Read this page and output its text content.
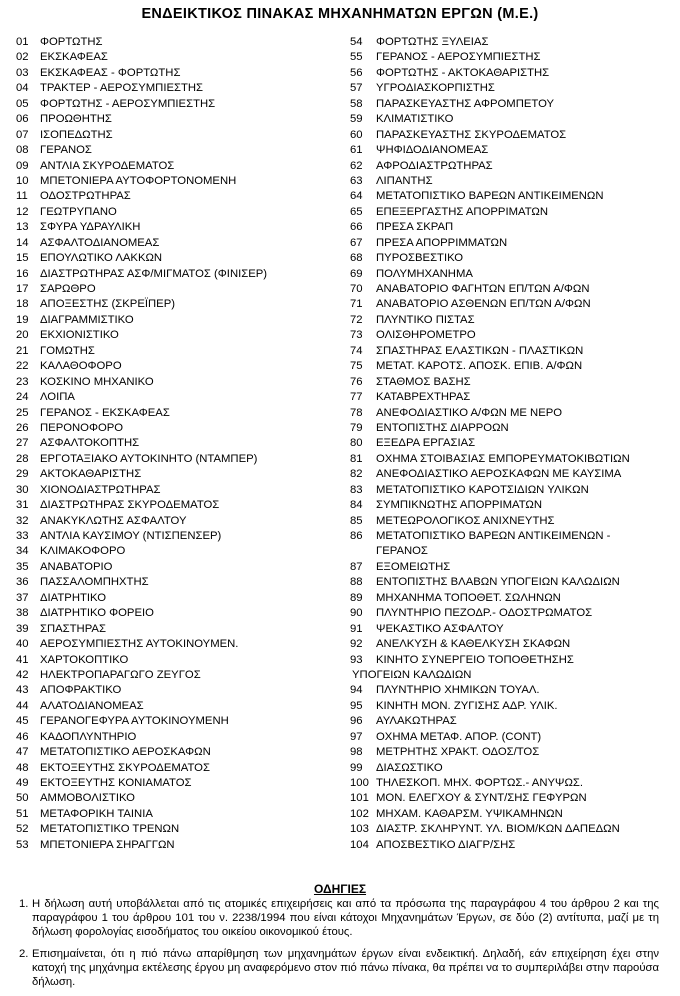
ΕΝΔΕΙΚΤΙΚΟΣ ΠΙΝΑΚΑΣ ΜΗΧΑΝΗΜΑΤΩΝ ΕΡΓΩΝ (Μ.Ε.)
01 ΦΟΡΤΩΤΗΣ
02 ΕΚΣΚΑΦΕΑΣ
03 ΕΚΣΚΑΦΕΑΣ - ΦΟΡΤΩΤΗΣ
04 ΤΡΑΚΤΕΡ - ΑΕΡΟΣΥΜΠΙΕΣΤΗΣ
05 ΦΟΡΤΩΤΗΣ - ΑΕΡΟΣΥΜΠΙΕΣΤΗΣ
06 ΠΡΟΩΘΗΤΗΣ
07 ΙΣΟΠΕΔΩΤΗΣ
08 ΓΕΡΑΝΟΣ
09 ΑΝΤΛΙΑ ΣΚΥΡΟΔΕΜΑΤΟΣ
10 ΜΠΕΤΟΝΙΕΡΑ ΑΥΤΟΦΟΡΤΟΝΟΜΕΝΗ
11 ΟΔΟΣΤΡΩΤΗΡΑΣ
12 ΓΕΩΤΡΥΠΑΝΟ
13 ΣΦΥΡΑ ΥΔΡΑΥΛΙΚΗ
14 ΑΣΦΑΛΤΟΔΙΑΝΟΜΕΑΣ
15 ΕΠΟΥΛΩΤΙΚΟ ΛΑΚΚΩΝ
16 ΔΙΑΣΤΡΩΤΗΡΑΣ ΑΣΦ/ΜΙΓΜΑΤΟΣ (ΦΙΝΙΣΕΡ)
17 ΣΑΡΩΘΡΟ
18 ΑΠΟΞΕΣΤΗΣ (ΣΚΡΕΪΠΕΡ)
19 ΔΙΑΓΡΑΜΜΙΣΤΙΚΟ
20 ΕΚΧΙΟΝΙΣΤΙΚΟ
21 ΓΟΜΩΤΗΣ
22 ΚΑΛΑΘΟΦΟΡΟ
23 ΚΟΣΚΙΝΟ ΜΗΧΑΝΙΚΟ
24 ΛΟΙΠΑ
25 ΓΕΡΑΝΟΣ - ΕΚΣΚΑΦΕΑΣ
26 ΠΕΡΟΝΟΦΟΡΟ
27 ΑΣΦΑΛΤΟΚΟΠΤΗΣ
28 ΕΡΓΟΤΑΞΙΑΚΟ ΑΥΤΟΚΙΝΗΤΟ (ΝΤΑΜΠΕΡ)
29 ΑΚΤΟΚΑΘΑΡΙΣΤΗΣ
30 ΧΙΟΝΟΔΙΑΣΤΡΩΤΗΡΑΣ
31 ΔΙΑΣΤΡΩΤΗΡΑΣ ΣΚΥΡΟΔΕΜΑΤΟΣ
32 ΑΝΑΚΥΚΛΩΤΗΣ ΑΣΦΑΛΤΟΥ
33 ΑΝΤΛΙΑ ΚΑΥΣΙΜΟΥ (ΝΤΙΣΠΕΝΣΕΡ)
34 ΚΛΙΜΑΚΟΦΟΡΟ
35 ΑΝΑΒΑΤΟΡΙΟ
36 ΠΑΣΣΑΛΟΜΠΗΧΤΗΣ
37 ΔΙΑΤΡΗΤΙΚΟ
38 ΔΙΑΤΡΗΤΙΚΟ ΦΟΡΕΙΟ
39 ΣΠΑΣΤΗΡΑΣ
40 ΑΕΡΟΣΥΜΠΙΕΣΤΗΣ ΑΥΤΟΚΙΝΟΥΜΕΝ.
41 ΧΑΡΤΟΚΟΠΤΙΚΟ
42 ΗΛΕΚΤΡΟΠΑΡΑΓΩΓΟ ΖΕΥΓΟΣ
43 ΑΠΟΦΡΑΚΤΙΚΟ
44 ΑΛΑΤΟΔΙΑΝΟΜΕΑΣ
45 ΓΕΡΑΝΟΓΕΦΥΡΑ ΑΥΤΟΚΙΝΟΥΜΕΝΗ
46 ΚΑΔΟΠΛΥΝΤΗΡΙΟ
47 ΜΕΤΑΤΟΠΙΣΤΙΚΟ ΑΕΡΟΣΚΑΦΩΝ
48 ΕΚΤΟΞΕΥΤΗΣ ΣΚΥΡΟΔΕΜΑΤΟΣ
49 ΕΚΤΟΞΕΥΤΗΣ ΚΟΝΙΑΜΑΤΟΣ
50 ΑΜΜΟΒΟΛΙΣΤΙΚΟ
51 ΜΕΤΑΦΟΡΙΚΗ ΤΑΙΝΙΑ
52 ΜΕΤΑΤΟΠΙΣΤΙΚΟ ΤΡΕΝΩΝ
53 ΜΠΕΤΟΝΙΕΡΑ ΣΗΡΑΓΓΩΝ
54 ΦΟΡΤΩΤΗΣ ΞΥΛΕΙΑΣ
55 ΓΕΡΑΝΟΣ - ΑΕΡΟΣΥΜΠΙΕΣΤΗΣ
56 ΦΟΡΤΩΤΗΣ - ΑΚΤΟΚΑΘΑΡΙΣΤΗΣ
57 ΥΓΡΟΔΙΑΣΚΟΡΠΙΣΤΗΣ
58 ΠΑΡΑΣΚΕΥΑΣΤΗΣ ΑΦΡΟΜΠΕΤΟΥ
59 ΚΛΙΜΑΤΙΣΤΙΚΟ
60 ΠΑΡΑΣΚΕΥΑΣΤΗΣ ΣΚΥΡΟΔΕΜΑΤΟΣ
61 ΨΗΦΙΔΟΔΙΑΝΟΜΕΑΣ
62 ΑΦΡΟΔΙΑΣΤΡΩΤΗΡΑΣ
63 ΛΙΠΑΝΤΗΣ
64 ΜΕΤΑΤΟΠΙΣΤΙΚΟ ΒΑΡΕΩΝ ΑΝΤΙΚΕΙΜΕΝΩΝ
65 ΕΠΕΞΕΡΓΑΣΤΗΣ ΑΠΟΡΡΙΜΑΤΩΝ
66 ΠΡΕΣΑ ΣΚΡΑΠ
67 ΠΡΕΣΑ ΑΠΟΡΡΙΜΜΑΤΩΝ
68 ΠΥΡΟΣΒΕΣΤΙΚΟ
69 ΠΟΛΥΜΗΧΑΝΗΜΑ
70 ΑΝΑΒΑΤΟΡΙΟ ΦΑΓΗΤΩΝ ΕΠ/ΤΩΝ Α/ΦΩΝ
71 ΑΝΑΒΑΤΟΡΙΟ ΑΣΘΕΝΩΝ ΕΠ/ΤΩΝ Α/ΦΩΝ
72 ΠΛΥΝΤΙΚΟ ΠΙΣΤΑΣ
73 ΟΛΙΣΘΗΡΟΜΕΤΡΟ
74 ΣΠΑΣΤΗΡΑΣ ΕΛΑΣΤΙΚΩΝ - ΠΛΑΣΤΙΚΩΝ
75 ΜΕΤΑΤ. ΚΑΡΟΤΣ. ΑΠΟΣΚ. ΕΠΙΒ. Α/ΦΩΝ
76 ΣΤΑΘΜΟΣ ΒΑΣΗΣ
77 ΚΑΤΑΒΡΕΧΤΗΡΑΣ
78 ΑΝΕΦΟΔΙΑΣΤΙΚΟ Α/ΦΩΝ ΜΕ ΝΕΡΟ
79 ΕΝΤΟΠΙΣΤΗΣ ΔΙΑΡΡΟΩΝ
80 ΕΞΕΔΡΑ ΕΡΓΑΣΙΑΣ
81 ΟΧΗΜΑ ΣΤΟΙΒΑΣΙΑΣ ΕΜΠΟΡΕΥΜΑΤΟΚΙΒΩΤΙΩΝ
82 ΑΝΕΦΟΔΙΑΣΤΙΚΟ ΑΕΡΟΣΚΑΦΩΝ ΜΕ ΚΑΥΣΙΜΑ
83 ΜΕΤΑΤΟΠΙΣΤΙΚΟ ΚΑΡΟΤΣΙΔΙΩΝ ΥΛΙΚΩΝ
84 ΣΥΜΠΙΚΝΩΤΗΣ ΑΠΟΡΡΙΜΑΤΩΝ
85 ΜΕΤΕΩΡΟΛΟΓΙΚΟΣ ΑΝΙΧΝΕΥΤΗΣ
86 ΜΕΤΑΤΟΠΙΣΤΙΚΟ ΒΑΡΕΩΝ ΑΝΤΙΚΕΙΜΕΝΩΝ -
ΓΕΡΑΝΟΣ
87 ΕΞΟΜΕΙΩΤΗΣ
88 ΕΝΤΟΠΙΣΤΗΣ ΒΛΑΒΩΝ ΥΠΟΓΕΙΩΝ ΚΑΛΩΔΙΩΝ
89 ΜΗΧΑΝΗΜΑ ΤΟΠΟΘΕΤ. ΣΩΛΗΝΩΝ
90 ΠΛΥΝΤΗΡΙΟ ΠΕΖΟΔΡ.- ΟΔΟΣΤΡΩΜΑΤΟΣ
91 ΨΕΚΑΣΤΙΚΟ ΑΣΦΑΛΤΟΥ
92 ΑΝΕΛΚΥΣΗ & ΚΑΘΕΛΚΥΣΗ ΣΚΑΦΩΝ
93 ΚΙΝΗΤΟ ΣΥΝΕΡΓΕΙΟ ΤΟΠΟΘΕΤΗΣΗΣ
ΥΠΟΓΕΙΩΝ ΚΑΛΩΔΙΩΝ
94 ΠΛΥΝΤΗΡΙΟ ΧΗΜΙΚΩΝ ΤΟΥΑΛ.
95 ΚΙΝΗΤΗ ΜΟΝ. ΖΥΓΙΣΗΣ ΑΔΡ. ΥΛΙΚ.
96 ΑΥΛΑΚΩΤΗΡΑΣ
97 ΟΧΗΜΑ ΜΕΤΑΦ. ΑΠΟΡ. (CONT)
98 ΜΕΤΡΗΤΗΣ ΧΡΑΚΤ. ΟΔΟΣ/ΤΟΣ
99 ΔΙΑΣΩΣΤΙΚΟ
100 ΤΗΛΕΣΚΟΠ. ΜΗΧ. ΦΟΡΤΩΣ.- ΑΝΥΨΩΣ.
101 ΜΟΝ. ΕΛΕΓΧΟΥ & ΣΥΝΤ/ΣΗΣ ΓΕΦΥΡΩΝ
102 ΜΗΧΑΜ. ΚΑΘΑΡΣΜ. ΥΨΙΚΑΜΗΝΩΝ
103 ΔΙΑΣΤΡ. ΣΚΛΗΡΥΝΤ. ΥΛ. ΒΙΟΜ/ΚΩΝ ΔΑΠΕΔΩΝ
104 ΑΠΟΣΒΕΣΤΙΚΟ ΔΙΑΓΡ/ΣΗΣ
ΟΔΗΓΙΕΣ
1. Η δήλωση αυτή υποβάλλεται από τις ατομικές επιχειρήσεις και από τα πρόσωπα της παραγράφου 4 του άρθρου 2 και της παραγράφου 1 του άρθρου 101 του ν. 2238/1994 που είναι κάτοχοι Μηχανημάτων Έργων, σε δύο (2) αντίτυπα, μαζί με τη δήλωση φορολογίας εισοδήματος του οικείου οικονομικού έτους.
2. Επισημαίνεται, ότι η πιό πάνω απαρίθμηση των μηχανημάτων έργων είναι ενδεικτική. Δηλαδή, εάν επιχείρηση έχει στην κατοχή της μηχάνημα εκτέλεσης έργου μη αναφερόμενο στον πιό πάνω πίνακα, θα πρέπει να το συμπεριλάβει στην παρούσα δήλωση.
